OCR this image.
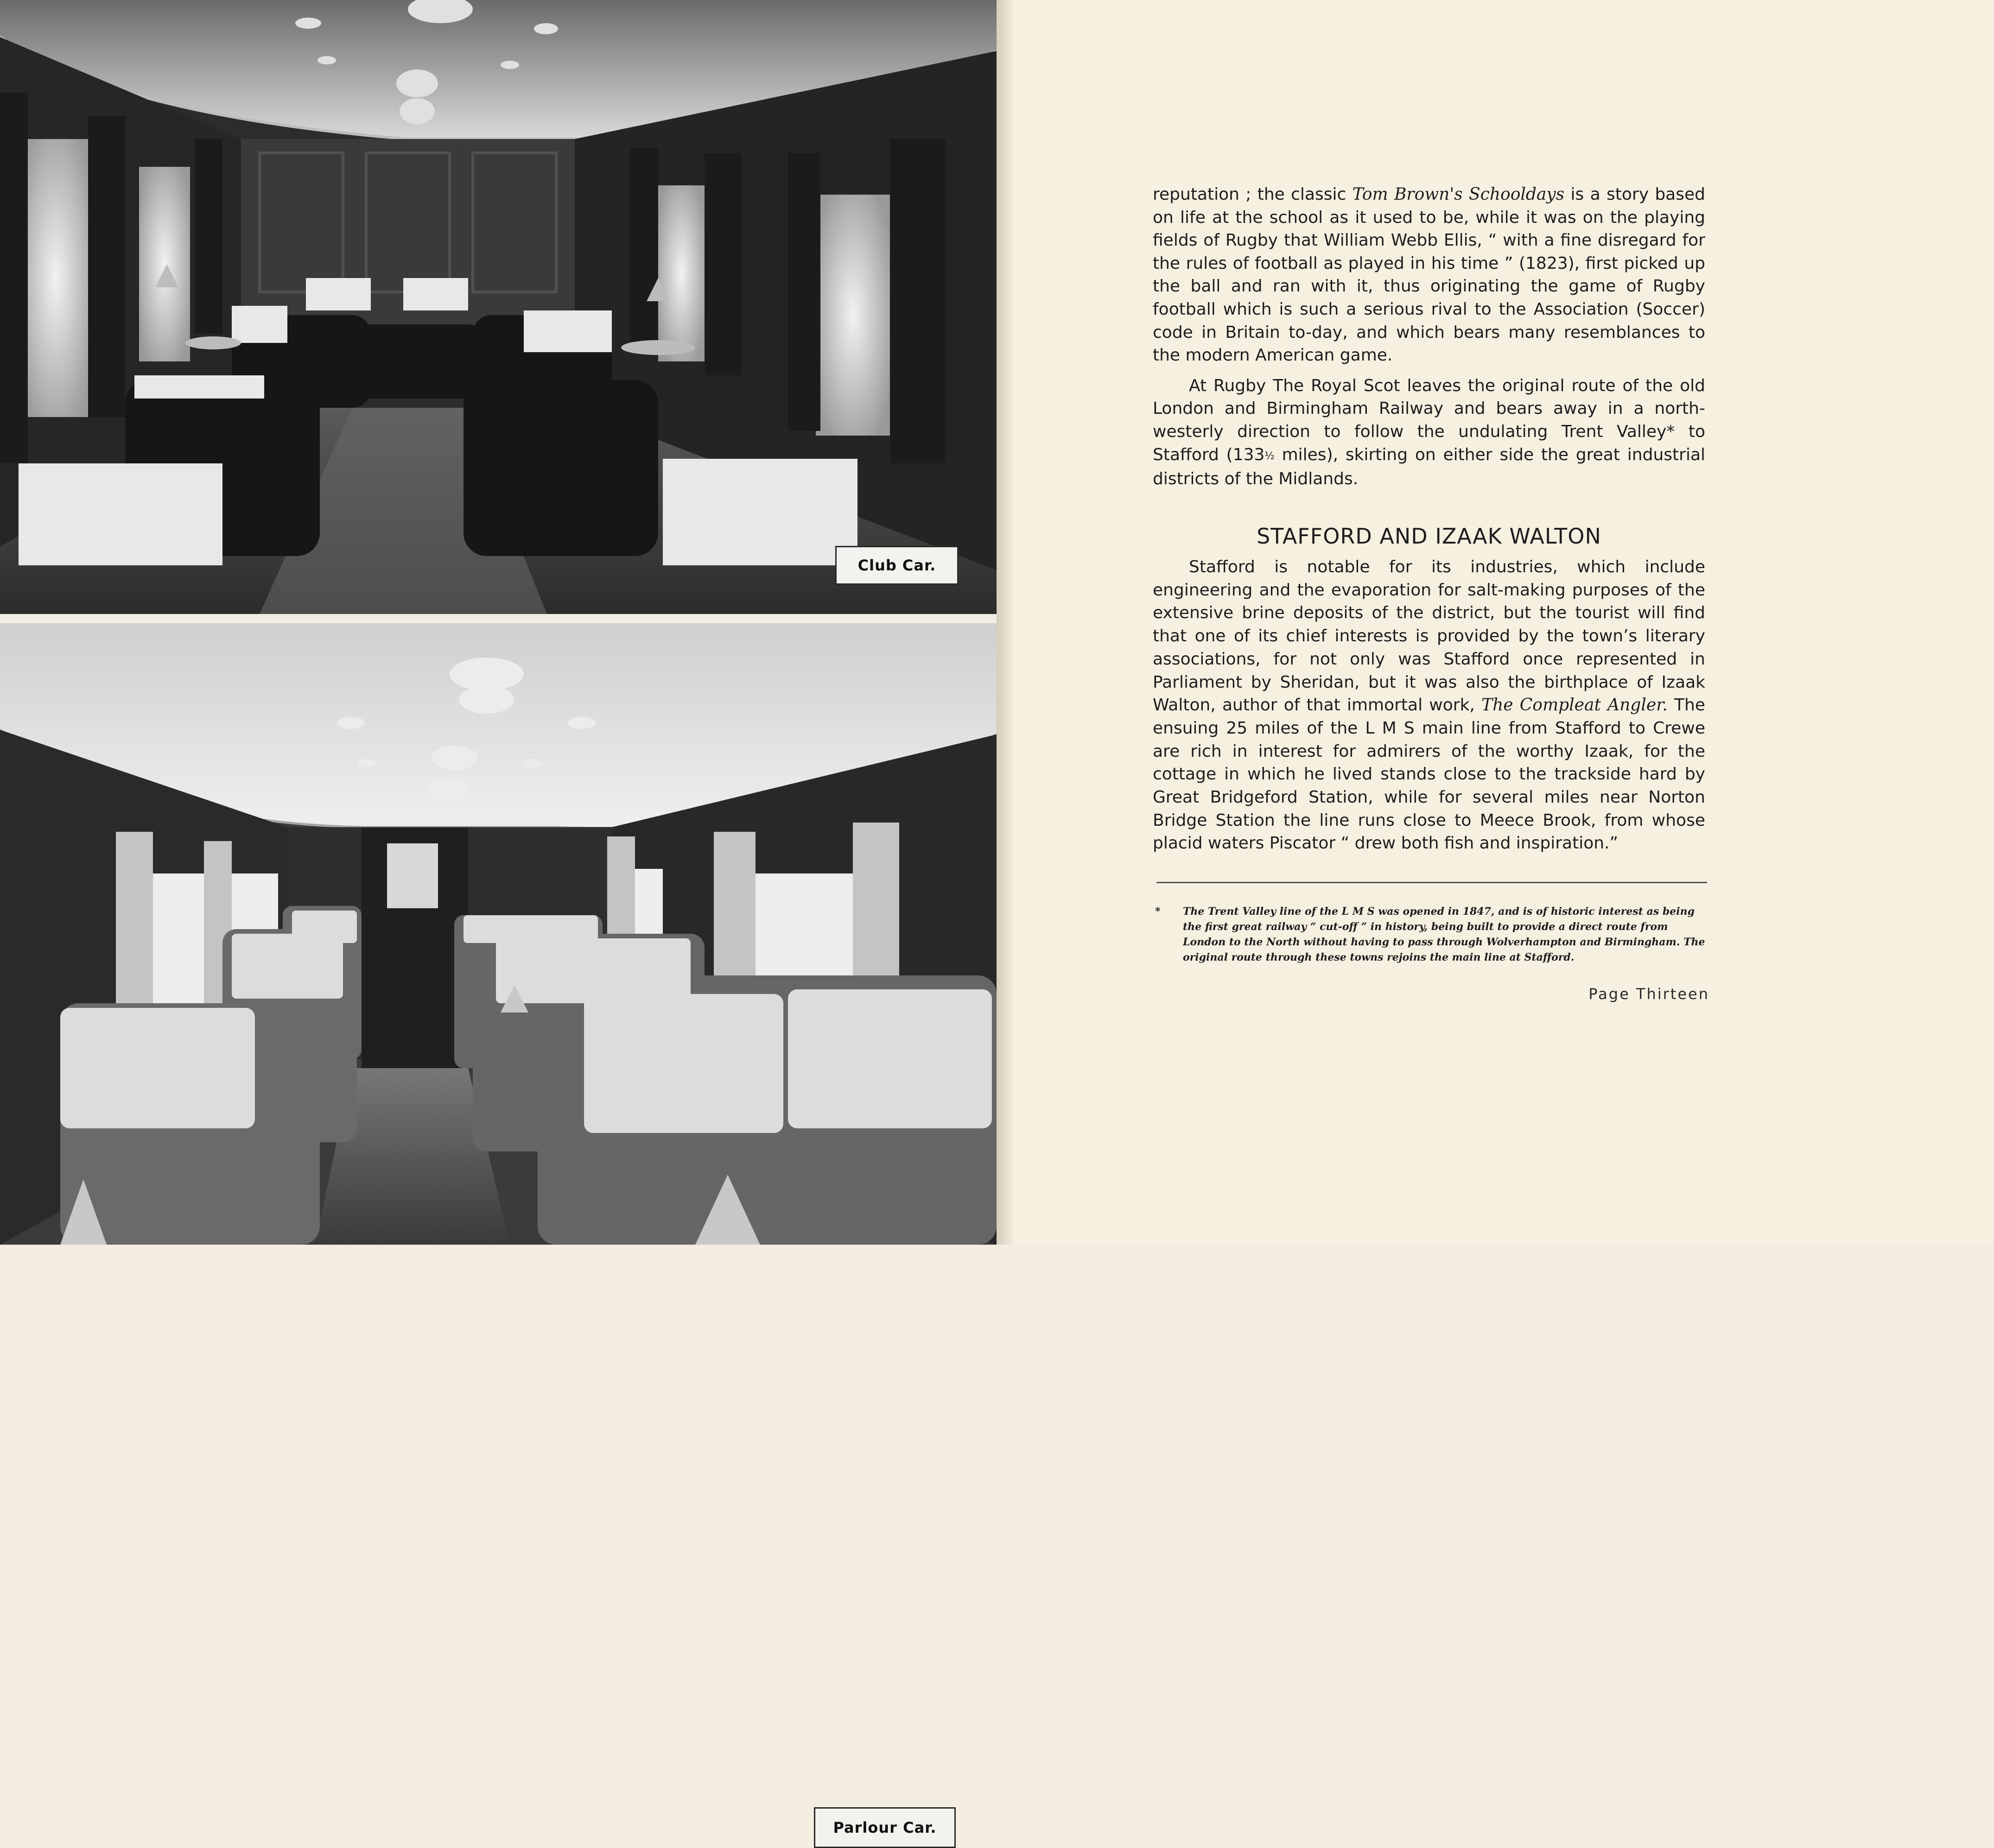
Club Car.
Parlour Car.

reputation ; the classic Tom Brown's Schooldays is a story based on life at the school as it used to be, while it was on the playing fields of Rugby that William Webb Ellis, “ with a fine disregard for the rules of football as played in his time ” (1823), first picked up the ball and ran with it, thus originating the game of Rugby football which is such a serious rival to the Association (Soccer) code in Britain to-day, and which bears many resemblances to the modern American game.

At Rugby The Royal Scot leaves the original route of the old London and Birmingham Railway and bears away in a northwesterly direction to follow the undulating Trent Valley* to Stafford (133½ miles), skirting on either side the great industrial districts of the Midlands.

STAFFORD AND IZAAK WALTON

Stafford is notable for its industries, which include engineering and the evaporation for salt-making purposes of the extensive brine deposits of the district, but the tourist will find that one of its chief interests is provided by the town’s literary associations, for not only was Stafford once represented in Parliament by Sheridan, but it was also the birthplace of Izaak Walton, author of that immortal work, The Compleat Angler. The ensuing 25 miles of the L M S main line from Stafford to Crewe are rich in interest for admirers of the worthy Izaak, for the cottage in which he lived stands close to the trackside hard by Great Bridgeford Station, while for several miles near Norton Bridge Station the line runs close to Meece Brook, from whose placid waters Piscator “ drew both fish and inspiration.”

* The Trent Valley line of the L M S was opened in 1847, and is of historic interest as being the first great railway “ cut-off ” in history, being built to provide a direct route from London to the North without having to pass through Wolverhampton and Birmingham. The original route through these towns rejoins the main line at Stafford.
Page Thirteen
